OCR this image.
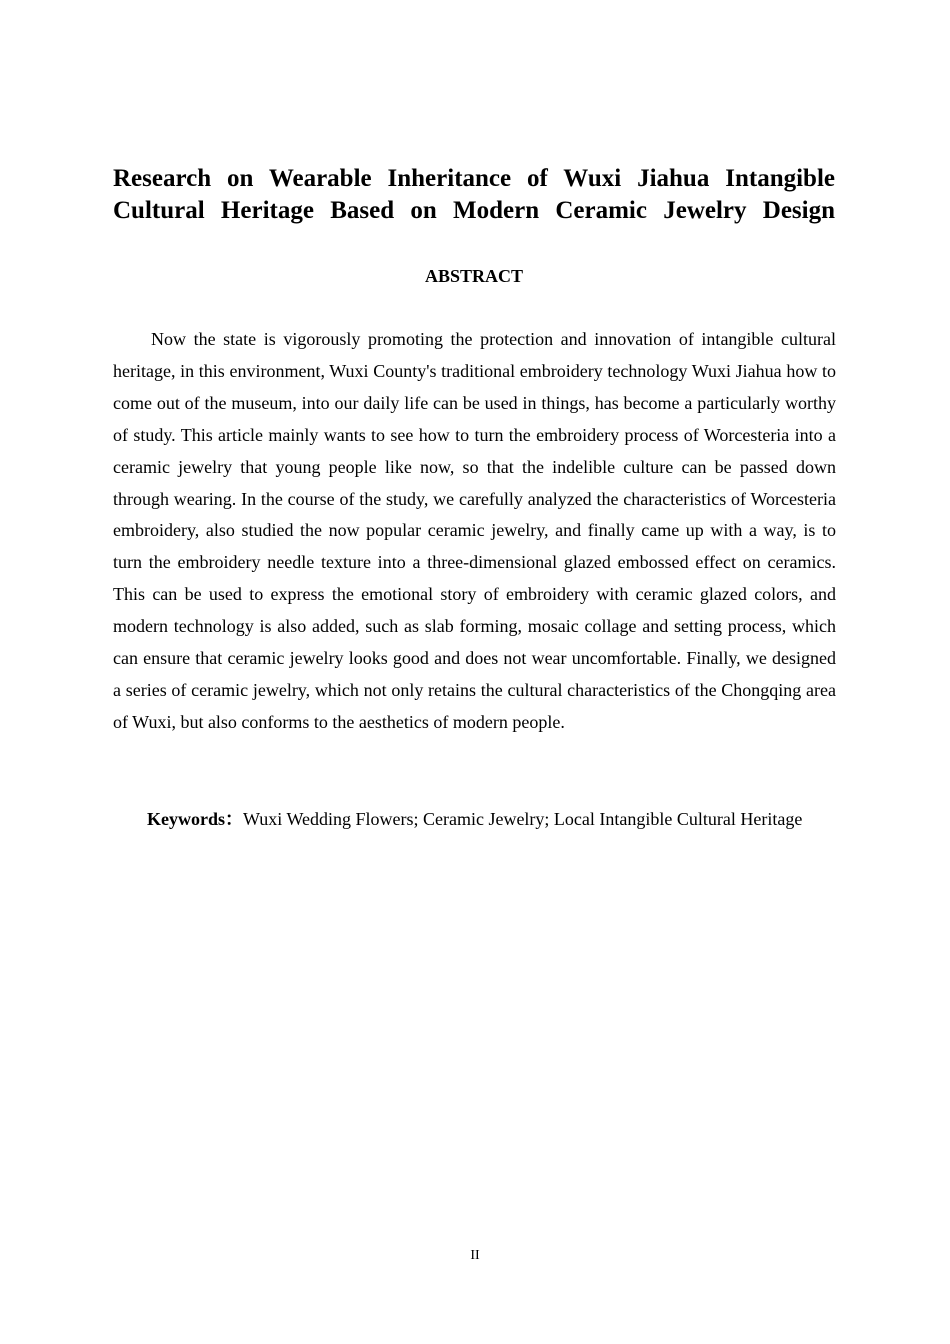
Research on Wearable Inheritance of Wuxi Jiahua Intangible
Cultural Heritage Based on Modern Ceramic Jewelry Design
ABSTRACT

Now the state is vigorously promoting the protection and innovation of intangible cultural heritage, in this environment, Wuxi County's traditional embroidery technology Wuxi Jiahua how to come out of the museum, into our daily life can be used in things, has become a particularly worthy of study. This article mainly wants to see how to turn the embroidery process of Worcesteria into a ceramic jewelry that young people like now, so that the indelible culture can be passed down through wearing. In the course of the study, we carefully analyzed the characteristics of Worcesteria embroidery, also studied the now popular ceramic jewelry, and finally came up with a way, is to turn the embroidery needle texture into a three-dimensional glazed embossed effect on ceramics. This can be used to express the emotional story of embroidery with ceramic glazed colors, and modern technology is also added, such as slab forming, mosaic collage and setting process, which can ensure that ceramic jewelry looks good and does not wear uncomfortable. Finally, we designed a series of ceramic jewelry, which not only retains the cultural characteristics of the Chongqing area of Wuxi, but also conforms to the aesthetics of modern people.

Keywords：Wuxi Wedding Flowers; Ceramic Jewelry; Local Intangible Cultural Heritage

II
